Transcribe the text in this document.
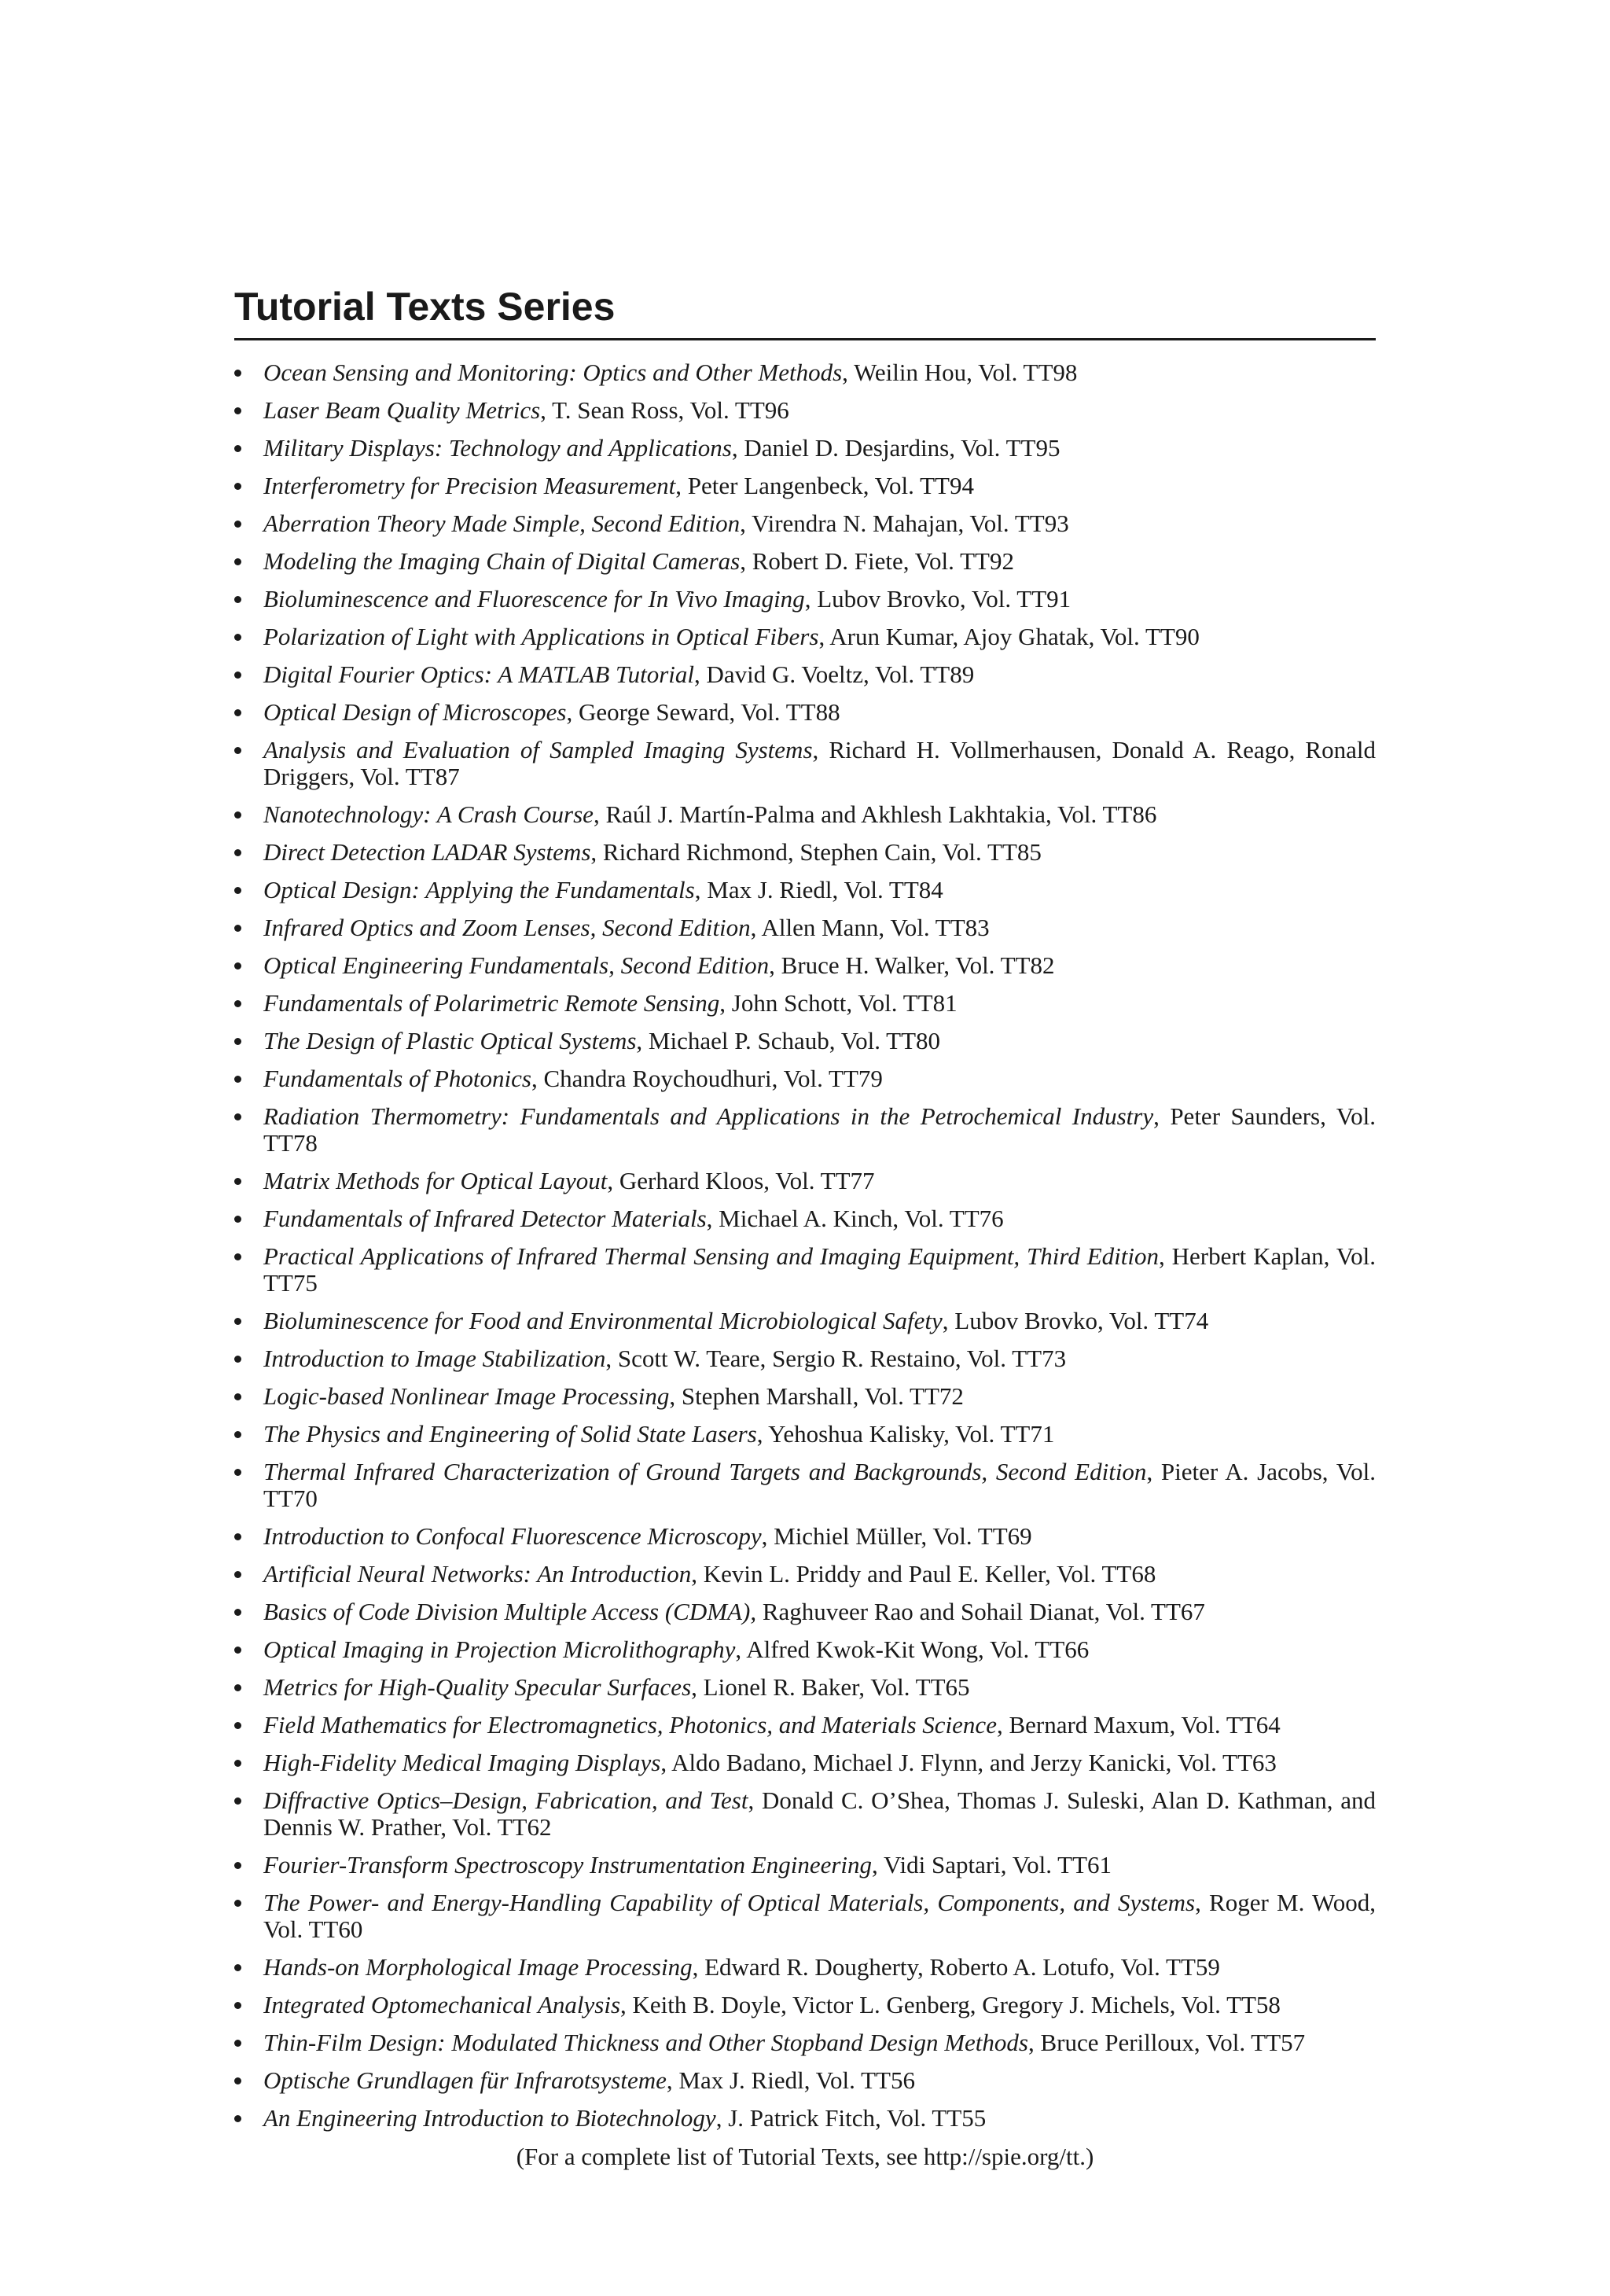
Tutorial Texts Series
Ocean Sensing and Monitoring: Optics and Other Methods, Weilin Hou, Vol. TT98
Laser Beam Quality Metrics, T. Sean Ross, Vol. TT96
Military Displays: Technology and Applications, Daniel D. Desjardins, Vol. TT95
Interferometry for Precision Measurement, Peter Langenbeck, Vol. TT94
Aberration Theory Made Simple, Second Edition, Virendra N. Mahajan, Vol. TT93
Modeling the Imaging Chain of Digital Cameras, Robert D. Fiete, Vol. TT92
Bioluminescence and Fluorescence for In Vivo Imaging, Lubov Brovko, Vol. TT91
Polarization of Light with Applications in Optical Fibers, Arun Kumar, Ajoy Ghatak, Vol. TT90
Digital Fourier Optics: A MATLAB Tutorial, David G. Voeltz, Vol. TT89
Optical Design of Microscopes, George Seward, Vol. TT88
Analysis and Evaluation of Sampled Imaging Systems, Richard H. Vollmerhausen, Donald A. Reago, Ronald Driggers, Vol. TT87
Nanotechnology: A Crash Course, Raúl J. Martín-Palma and Akhlesh Lakhtakia, Vol. TT86
Direct Detection LADAR Systems, Richard Richmond, Stephen Cain, Vol. TT85
Optical Design: Applying the Fundamentals, Max J. Riedl, Vol. TT84
Infrared Optics and Zoom Lenses, Second Edition, Allen Mann, Vol. TT83
Optical Engineering Fundamentals, Second Edition, Bruce H. Walker, Vol. TT82
Fundamentals of Polarimetric Remote Sensing, John Schott, Vol. TT81
The Design of Plastic Optical Systems, Michael P. Schaub, Vol. TT80
Fundamentals of Photonics, Chandra Roychoudhuri, Vol. TT79
Radiation Thermometry: Fundamentals and Applications in the Petrochemical Industry, Peter Saunders, Vol. TT78
Matrix Methods for Optical Layout, Gerhard Kloos, Vol. TT77
Fundamentals of Infrared Detector Materials, Michael A. Kinch, Vol. TT76
Practical Applications of Infrared Thermal Sensing and Imaging Equipment, Third Edition, Herbert Kaplan, Vol. TT75
Bioluminescence for Food and Environmental Microbiological Safety, Lubov Brovko, Vol. TT74
Introduction to Image Stabilization, Scott W. Teare, Sergio R. Restaino, Vol. TT73
Logic-based Nonlinear Image Processing, Stephen Marshall, Vol. TT72
The Physics and Engineering of Solid State Lasers, Yehoshua Kalisky, Vol. TT71
Thermal Infrared Characterization of Ground Targets and Backgrounds, Second Edition, Pieter A. Jacobs, Vol. TT70
Introduction to Confocal Fluorescence Microscopy, Michiel Müller, Vol. TT69
Artificial Neural Networks: An Introduction, Kevin L. Priddy and Paul E. Keller, Vol. TT68
Basics of Code Division Multiple Access (CDMA), Raghuveer Rao and Sohail Dianat, Vol. TT67
Optical Imaging in Projection Microlithography, Alfred Kwok-Kit Wong, Vol. TT66
Metrics for High-Quality Specular Surfaces, Lionel R. Baker, Vol. TT65
Field Mathematics for Electromagnetics, Photonics, and Materials Science, Bernard Maxum, Vol. TT64
High-Fidelity Medical Imaging Displays, Aldo Badano, Michael J. Flynn, and Jerzy Kanicki, Vol. TT63
Diffractive Optics–Design, Fabrication, and Test, Donald C. O’Shea, Thomas J. Suleski, Alan D. Kathman, and Dennis W. Prather, Vol. TT62
Fourier-Transform Spectroscopy Instrumentation Engineering, Vidi Saptari, Vol. TT61
The Power- and Energy-Handling Capability of Optical Materials, Components, and Systems, Roger M. Wood, Vol. TT60
Hands-on Morphological Image Processing, Edward R. Dougherty, Roberto A. Lotufo, Vol. TT59
Integrated Optomechanical Analysis, Keith B. Doyle, Victor L. Genberg, Gregory J. Michels, Vol. TT58
Thin-Film Design: Modulated Thickness and Other Stopband Design Methods, Bruce Perilloux, Vol. TT57
Optische Grundlagen für Infrarotsysteme, Max J. Riedl, Vol. TT56
An Engineering Introduction to Biotechnology, J. Patrick Fitch, Vol. TT55
(For a complete list of Tutorial Texts, see http://spie.org/tt.)
